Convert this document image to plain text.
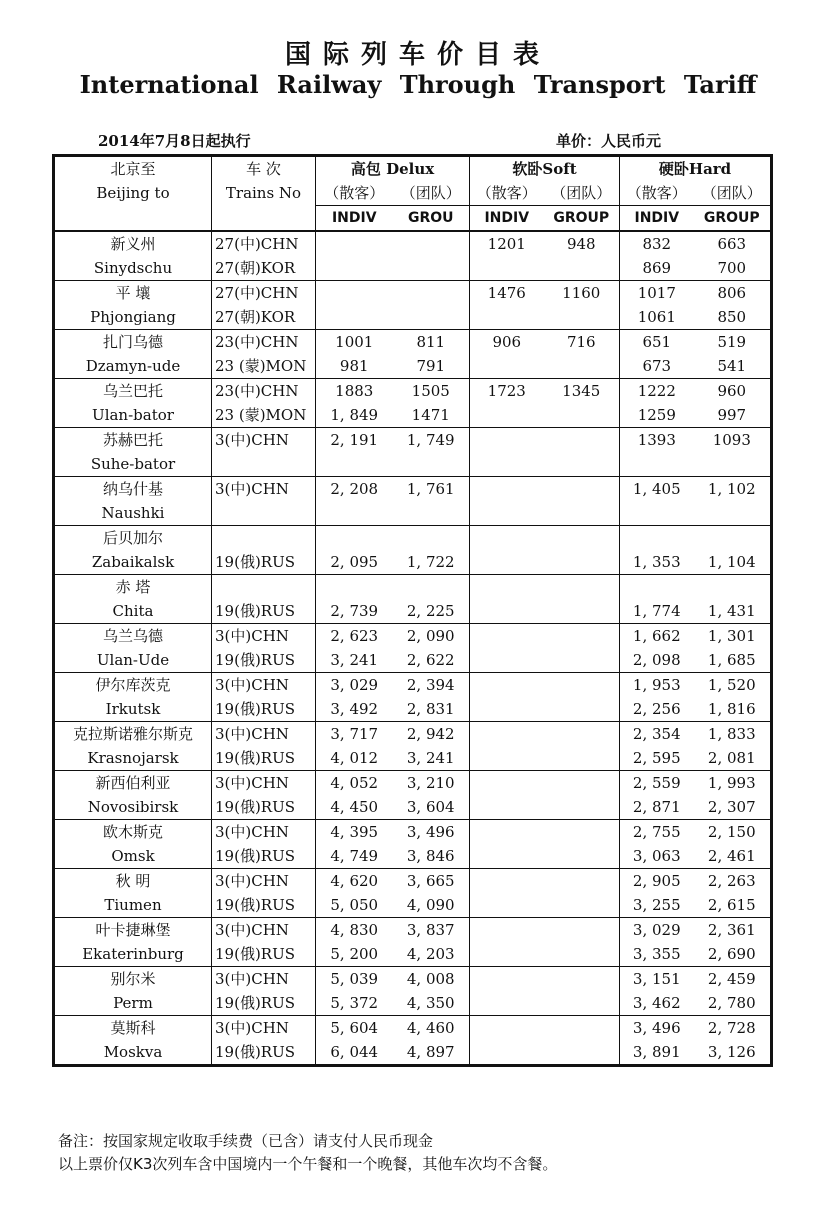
国际列车价目表
International Railway Through Transport Tariff
2014年7月8日起执行	单价：人民币元
北京至	车 次	高包 Delux		软卧Soft		硬卧Hard	
Beijing to	Trains No	（散客）	（团队）	（散客）	（团队）	（散客）	（团队）
		INDIV	GROU	INDIV	GROUP	INDIV	GROUP
新义州	27(中)CHN			1201	948	832	663
Sinydschu	27(朝)KOR					869	700
平 壤	27(中)CHN			1476	1160	1017	806
Phjongiang	27(朝)KOR					1061	850
扎门乌德	23(中)CHN	1001	811	906	716	651	519
Dzamyn-ude	23 (蒙)MON	981	791			673	541
乌兰巴托	23(中)CHN	1883	1505	1723	1345	1222	960
Ulan-bator	23 (蒙)MON	1, 849	1471			1259	997
苏赫巴托	3(中)CHN	2, 191	1, 749			1393	1093
Suhe-bator							
纳乌什基	3(中)CHN	2, 208	1, 761			1, 405	1, 102
Naushki							
后贝加尔							
Zabaikalsk	19(俄)RUS	2, 095	1, 722			1, 353	1, 104
赤 塔							
Chita	19(俄)RUS	2, 739	2, 225			1, 774	1, 431
乌兰乌德	3(中)CHN	2, 623	2, 090			1, 662	1, 301
Ulan-Ude	19(俄)RUS	3, 241	2, 622			2, 098	1, 685
伊尔库茨克	3(中)CHN	3, 029	2, 394			1, 953	1, 520
Irkutsk	19(俄)RUS	3, 492	2, 831			2, 256	1, 816
克拉斯诺雅尔斯克	3(中)CHN	3, 717	2, 942			2, 354	1, 833
Krasnojarsk	19(俄)RUS	4, 012	3, 241			2, 595	2, 081
新西伯利亚	3(中)CHN	4, 052	3, 210			2, 559	1, 993
Novosibirsk	19(俄)RUS	4, 450	3, 604			2, 871	2, 307
欧木斯克	3(中)CHN	4, 395	3, 496			2, 755	2, 150
Omsk	19(俄)RUS	4, 749	3, 846			3, 063	2, 461
秋 明	3(中)CHN	4, 620	3, 665			2, 905	2, 263
Tiumen	19(俄)RUS	5, 050	4, 090			3, 255	2, 615
叶卡捷琳堡	3(中)CHN	4, 830	3, 837			3, 029	2, 361
Ekaterinburg	19(俄)RUS	5, 200	4, 203			3, 355	2, 690
别尔米	3(中)CHN	5, 039	4, 008			3, 151	2, 459
Perm	19(俄)RUS	5, 372	4, 350			3, 462	2, 780
莫斯科	3(中)CHN	5, 604	4, 460			3, 496	2, 728
Moskva	19(俄)RUS	6, 044	4, 897			3, 891	3, 126
备注：按国家规定收取手续费（已含）请支付人民币现金
以上票价仅K3次列车含中国境内一个午餐和一个晚餐，其他车次均不含餐。
